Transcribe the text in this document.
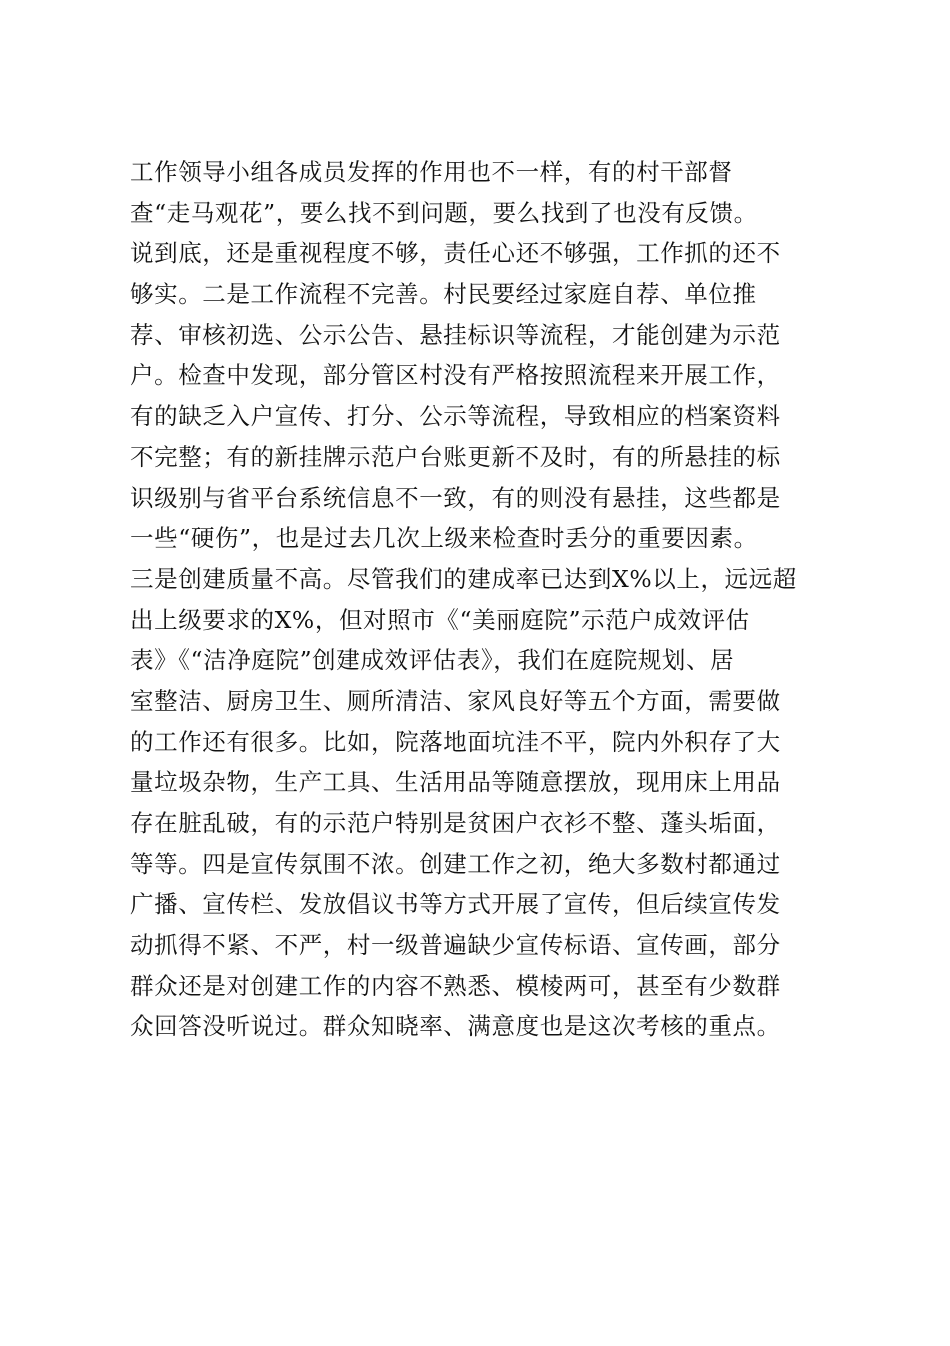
工作领导小组各成员发挥的作用也不一样，有的村干部督
查“走马观花”，要么找不到问题，要么找到了也没有反馈。
说到底，还是重视程度不够，责任心还不够强，工作抓的还不
够实。二是工作流程不完善。村民要经过家庭自荐、单位推
荐、审核初选、公示公告、悬挂标识等流程，才能创建为示范
户。检查中发现，部分管区村没有严格按照流程来开展工作，
有的缺乏入户宣传、打分、公示等流程，导致相应的档案资料
不完整；有的新挂牌示范户台账更新不及时，有的所悬挂的标
识级别与省平台系统信息不一致，有的则没有悬挂，这些都是
一些“硬伤”，也是过去几次上级来检查时丢分的重要因素。
三是创建质量不高。尽管我们的建成率已达到X%以上，远远超
出上级要求的X%，但对照市《“美丽庭院”示范户成效评估
表》《“洁净庭院”创建成效评估表》，我们在庭院规划、居
室整洁、厨房卫生、厕所清洁、家风良好等五个方面，需要做
的工作还有很多。比如，院落地面坑洼不平，院内外积存了大
量垃圾杂物，生产工具、生活用品等随意摆放，现用床上用品
存在脏乱破，有的示范户特别是贫困户衣衫不整、蓬头垢面，
等等。四是宣传氛围不浓。创建工作之初，绝大多数村都通过
广播、宣传栏、发放倡议书等方式开展了宣传，但后续宣传发
动抓得不紧、不严，村一级普遍缺少宣传标语、宣传画，部分
群众还是对创建工作的内容不熟悉、模棱两可，甚至有少数群
众回答没听说过。群众知晓率、满意度也是这次考核的重点。
